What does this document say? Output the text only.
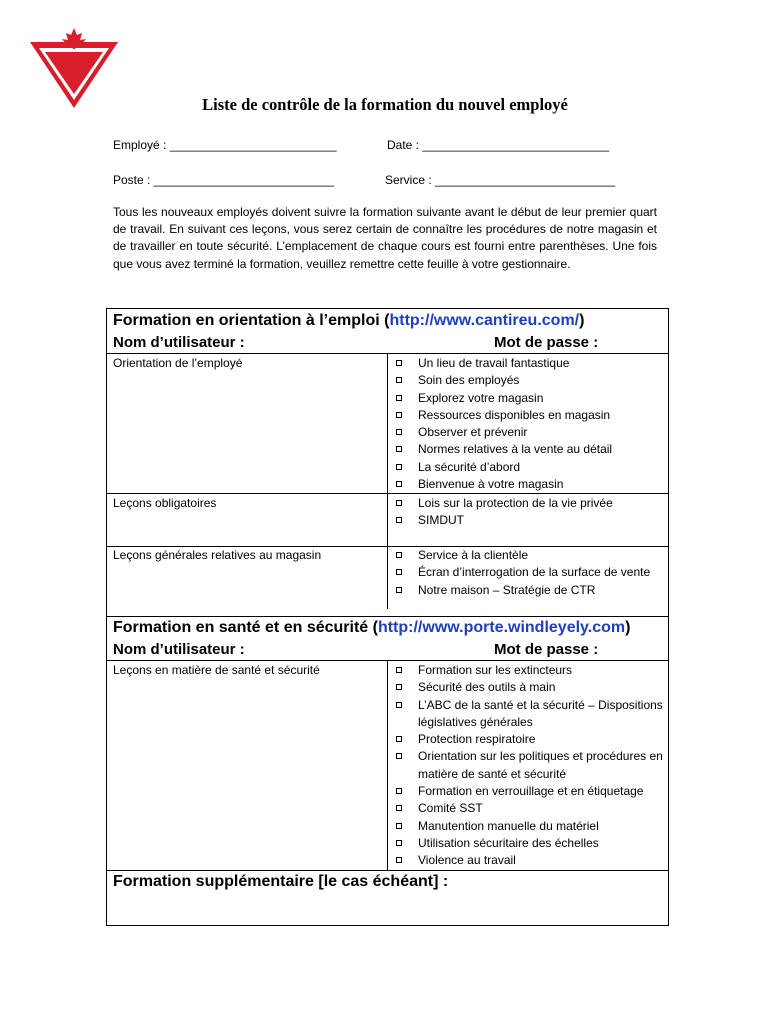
Liste de contrôle de la formation du nouvel employé
Employé : _________________________	Date : ____________________________
Poste : ___________________________	Service : ___________________________
Tous les nouveaux employés doivent suivre la formation suivante avant le début de leur premier quart de travail. En suivant ces leçons, vous serez certain de connaître les procédures de notre magasin et de travailler en toute sécurité. L’emplacement de chaque cours est fourni entre parenthèses. Une fois que vous avez terminé la formation, veuillez remettre cette feuille à votre gestionnaire.
Formation en orientation à l’emploi (http://www.cantireu.com/)
Nom d’utilisateur :	Mot de passe :
Orientation de l’employé	Un lieu de travail fantastique
Soin des employés
Explorez votre magasin
Ressources disponibles en magasin
Observer et prévenir
Normes relatives à la vente au détail
La sécurité d’abord
Bienvenue à votre magasin
Leçons obligatoires	Lois sur la protection de la vie privée
SIMDUT
Leçons générales relatives au magasin	Service à la clientèle
Écran d’interrogation de la surface de vente
Notre maison – Stratégie de CTR
Formation en santé et en sécurité (http://www.porte.windleyely.com)
Nom d’utilisateur :	Mot de passe :
Leçons en matière de santé et sécurité	Formation sur les extincteurs
Sécurité des outils à main
L’ABC de la santé et la sécurité – Dispositions législatives générales
Protection respiratoire
Orientation sur les politiques et procédures en matière de santé et sécurité
Formation en verrouillage et en étiquetage
Comité SST
Manutention manuelle du matériel
Utilisation sécuritaire des échelles
Violence au travail
Formation supplémentaire [le cas échéant] :
